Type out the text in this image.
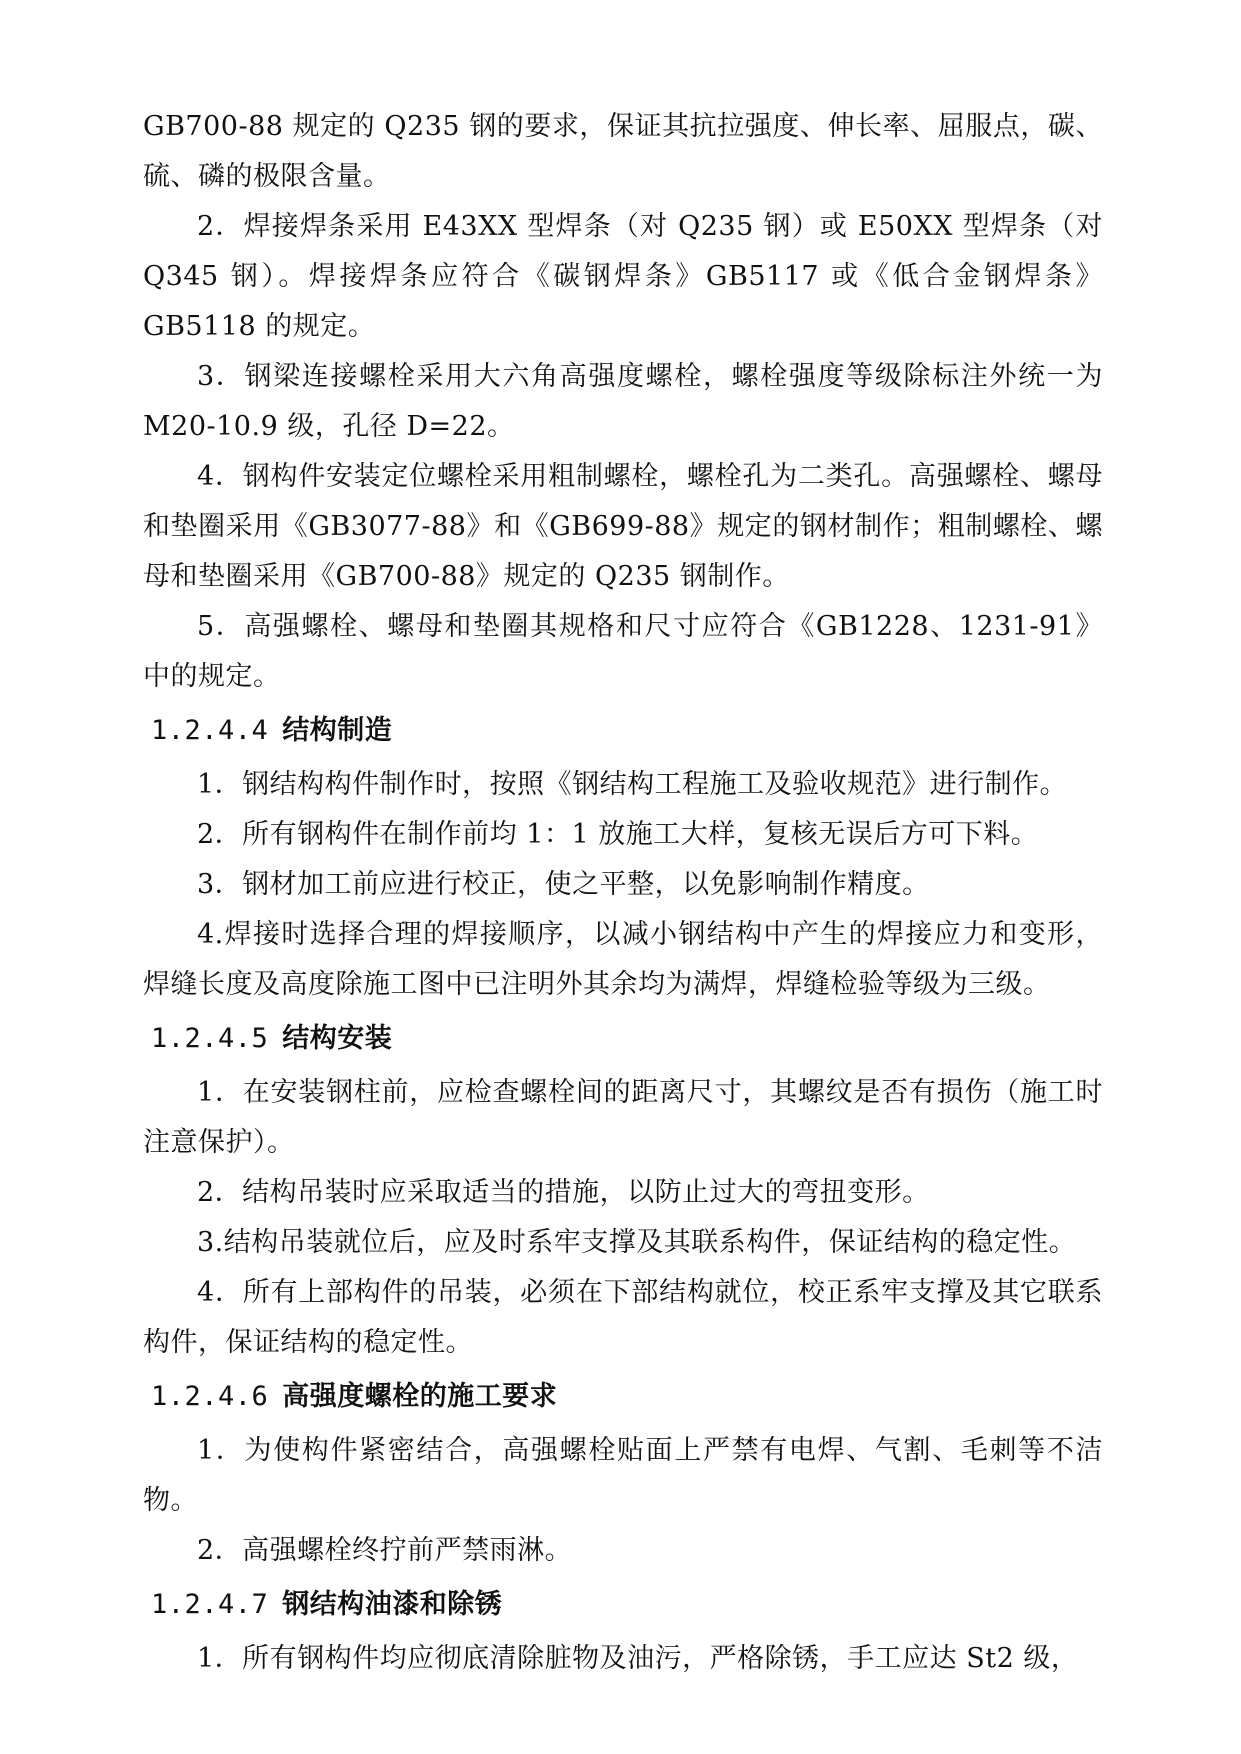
GB700-88 规定的 Q235 钢的要求，保证其抗拉强度、伸长率、屈服点，碳、硫、磷的极限含量。

2．焊接焊条采用 E43XX 型焊条（对 Q235 钢）或 E50XX 型焊条（对 Q345 钢）。焊接焊条应符合《碳钢焊条》GB5117 或《低合金钢焊条》GB5118 的规定。

3．钢梁连接螺栓采用大六角高强度螺栓，螺栓强度等级除标注外统一为 M20-10.9 级，孔径 D=22。

4．钢构件安装定位螺栓采用粗制螺栓，螺栓孔为二类孔。高强螺栓、螺母和垫圈采用《GB3077-88》和《GB699-88》规定的钢材制作；粗制螺栓、螺母和垫圈采用《GB700-88》规定的 Q235 钢制作。

5．高强螺栓、螺母和垫圈其规格和尺寸应符合《GB1228、1231-91》中的规定。

1.2.4.4 结构制造

1．钢结构构件制作时，按照《钢结构工程施工及验收规范》进行制作。

2．所有钢构件在制作前均 1：1 放施工大样，复核无误后方可下料。

3．钢材加工前应进行校正，使之平整，以免影响制作精度。

4.焊接时选择合理的焊接顺序，以减小钢结构中产生的焊接应力和变形，焊缝长度及高度除施工图中已注明外其余均为满焊，焊缝检验等级为三级。

1.2.4.5 结构安装

1．在安装钢柱前，应检查螺栓间的距离尺寸，其螺纹是否有损伤（施工时注意保护）。

2．结构吊装时应采取适当的措施，以防止过大的弯扭变形。

3.结构吊装就位后，应及时系牢支撑及其联系构件，保证结构的稳定性。

4．所有上部构件的吊装，必须在下部结构就位，校正系牢支撑及其它联系构件，保证结构的稳定性。

1.2.4.6 高强度螺栓的施工要求

1．为使构件紧密结合，高强螺栓贴面上严禁有电焊、气割、毛刺等不洁物。

2．高强螺栓终拧前严禁雨淋。

1.2.4.7 钢结构油漆和除锈

1．所有钢构件均应彻底清除脏物及油污，严格除锈，手工应达 St2 级，
